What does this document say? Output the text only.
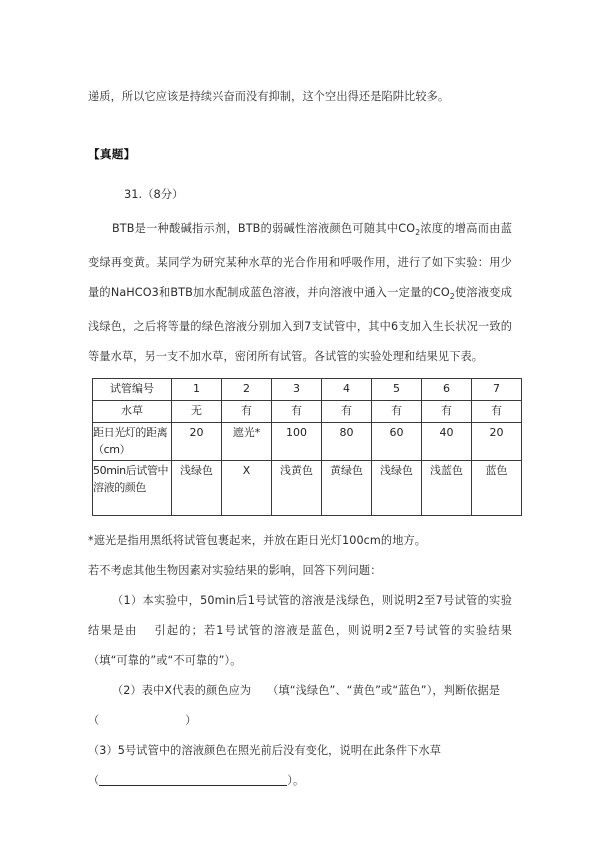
递质，所以它应该是持续兴奋而没有抑制，这个空出得还是陷阱比较多。

【真题】

31.（8分）

BTB是一种酸碱指示剂，BTB的弱碱性溶液颜色可随其中$CO_2$浓度的增高而由蓝变绿再变黄。某同学为研究某种水草的光合作用和呼吸作用，进行了如下实验：用少量的NaHCO3和BTB加水配制成蓝色溶液，并向溶液中通入一定量的$CO_2$使溶液变成浅绿色，之后将等量的绿色溶液分别加入到7支试管中，其中6支加入生长状况一致的等量水草，另一支不加水草，密闭所有试管。各试管的实验处理和结果见下表。

试管编号	1	2	3	4	5	6	7
水草	无	有	有	有	有	有	有

距日光灯的距离（cm）	20	遮光*	100	80	60	40	20

50min后试管中溶液的颜色	浅绿色	X	浅黄色	黄绿色	浅绿色	浅蓝色	蓝色

*遮光是指用黑纸将试管包裹起来，并放在距日光灯100cm的地方。

若不考虑其他生物因素对实验结果的影响，回答下列问题：

（1）本实验中，50min后1号试管的溶液是浅绿色，则说明2至7号试管的实验结果是由 引起的；若1号试管的溶液是蓝色，则说明2至7号试管的实验结果（填“可靠的”或“不可靠的”）。

（2）表中X代表的颜色应为 （填“浅绿色”、“黄色”或“蓝色”），判断依据是

（	）

（3）5号试管中的溶液颜色在照光前后没有变化，说明在此条件下水草

（	）。
